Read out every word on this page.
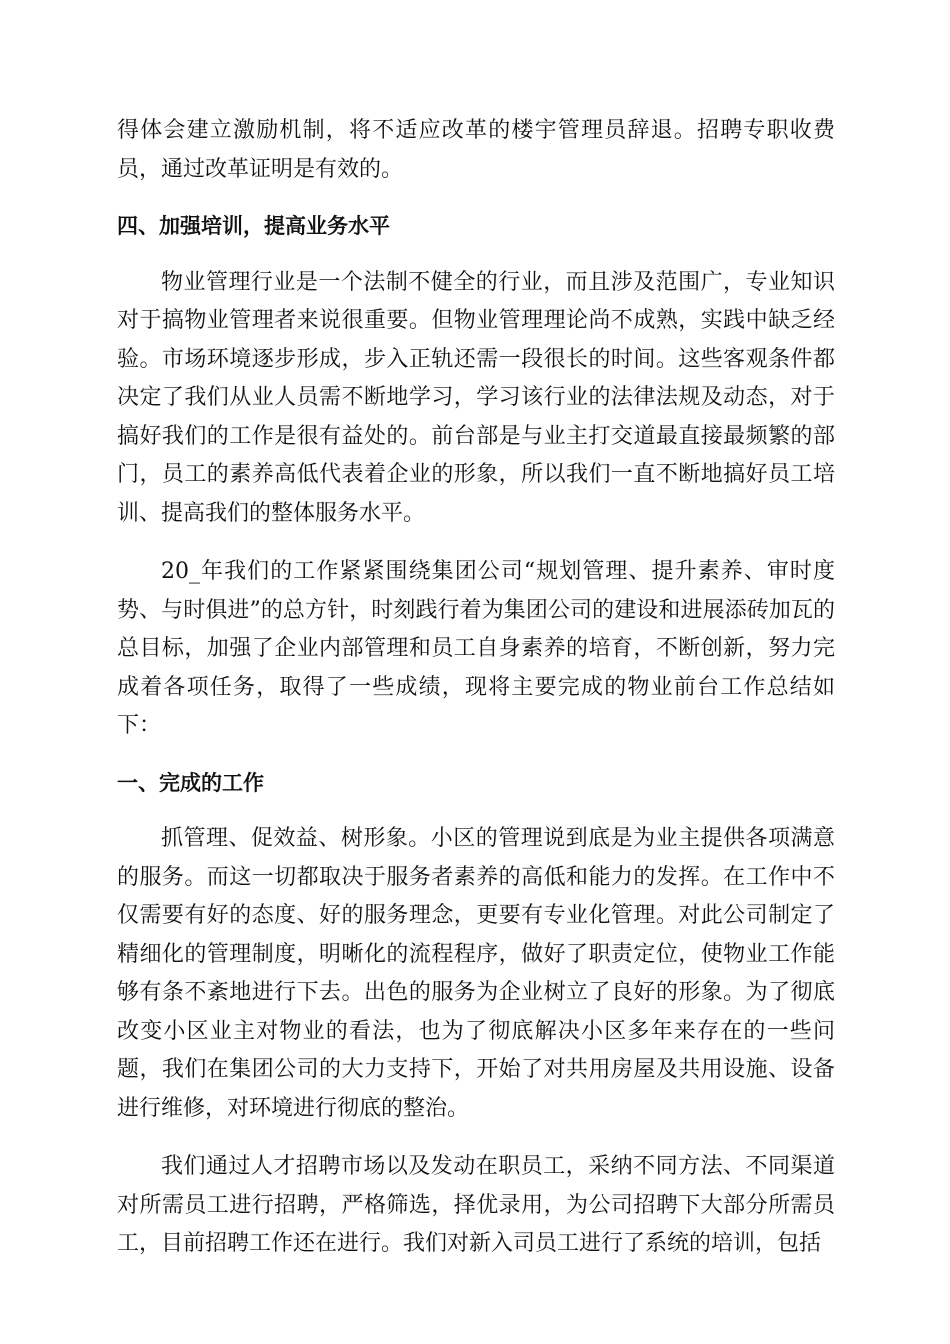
得体会建立激励机制，将不适应改革的楼宇管理员辞退。招聘专职收费员，通过改革证明是有效的。

四、加强培训，提高业务水平

物业管理行业是一个法制不健全的行业，而且涉及范围广，专业知识对于搞物业管理者来说很重要。但物业管理理论尚不成熟，实践中缺乏经验。市场环境逐步形成，步入正轨还需一段很长的时间。这些客观条件都决定了我们从业人员需不断地学习，学习该行业的法律法规及动态，对于搞好我们的工作是很有益处的。前台部是与业主打交道最直接最频繁的部门，员工的素养高低代表着企业的形象，所以我们一直不断地搞好员工培训、提高我们的整体服务水平。

20_年我们的工作紧紧围绕集团公司“规划管理、提升素养、审时度势、与时俱进”的总方针，时刻践行着为集团公司的建设和进展添砖加瓦的总目标，加强了企业内部管理和员工自身素养的培育，不断创新，努力完成着各项任务，取得了一些成绩，现将主要完成的物业前台工作总结如下：

一、完成的工作

抓管理、促效益、树形象。小区的管理说到底是为业主提供各项满意的服务。而这一切都取决于服务者素养的高低和能力的发挥。在工作中不仅需要有好的态度、好的服务理念，更要有专业化管理。对此公司制定了精细化的管理制度，明晰化的流程程序，做好了职责定位，使物业工作能够有条不紊地进行下去。出色的服务为企业树立了良好的形象。为了彻底改变小区业主对物业的看法，也为了彻底解决小区多年来存在的一些问题，我们在集团公司的大力支持下，开始了对共用房屋及共用设施、设备进行维修，对环境进行彻底的整治。

我们通过人才招聘市场以及发动在职员工，采纳不同方法、不同渠道对所需员工进行招聘，严格筛选，择优录用，为公司招聘下大部分所需员工，目前招聘工作还在进行。我们对新入司员工进行了系统的培训，包括
